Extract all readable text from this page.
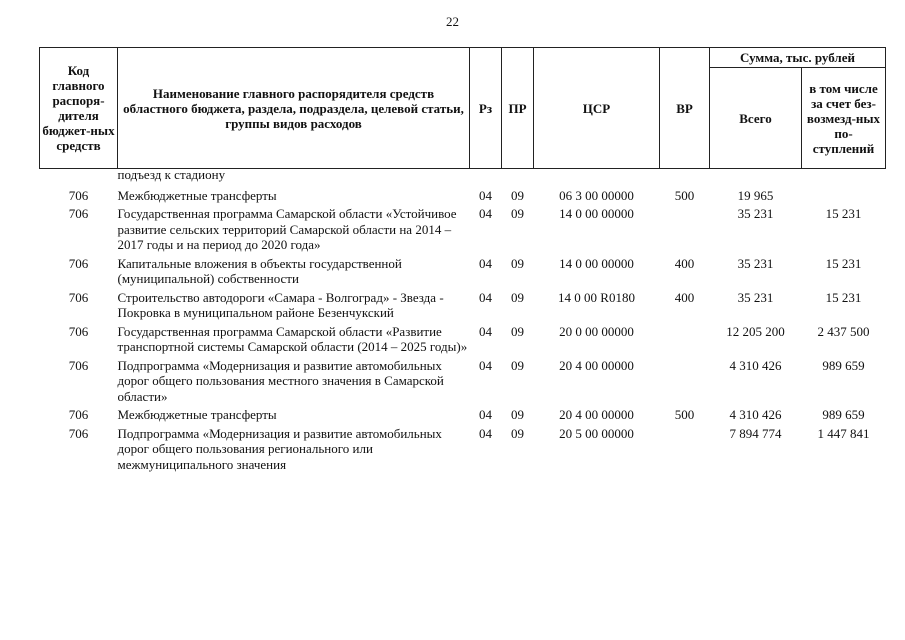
22
Код главного распоря-дителя бюджет-ных средств	Наименование главного распорядителя средств областного бюджета, раздела, подраздела, целевой статьи, группы видов расходов	Рз	ПР	ЦСР	ВР	Сумма, тыс. рублей	
						Всего	в том числе за счет без-возмезд-ных по-ступлений
	подъезд к стадиону						
706	Межбюджетные трансферты	04	09	06 3 00 00000	500	19 965	
706	Государственная программа Самарской области «Устойчивое развитие сельских территорий Самарской области на 2014 – 2017 годы и на период до 2020 года»	04	09	14 0 00 00000		35 231	15 231
706	Капитальные вложения в объекты государственной (муниципальной) собственности	04	09	14 0 00 00000	400	35 231	15 231
706	Строительство автодороги «Самара - Волгоград» - Звезда - Покровка в муниципальном районе Безенчукский	04	09	14 0 00 R0180	400	35 231	15 231
706	Государственная программа Самарской области «Развитие транспортной системы Самарской области (2014 – 2025 годы)»	04	09	20 0 00 00000		12 205 200	2 437 500
706	Подпрограмма «Модернизация и развитие автомобильных дорог общего пользования местного значения в Самарской области»	04	09	20 4 00 00000		4 310 426	989 659
706	Межбюджетные трансферты	04	09	20 4 00 00000	500	4 310 426	989 659
706	Подпрограмма «Модернизация и развитие автомобильных дорог общего пользования регионального или межмуниципального значения	04	09	20 5 00 00000		7 894 774	1 447 841
